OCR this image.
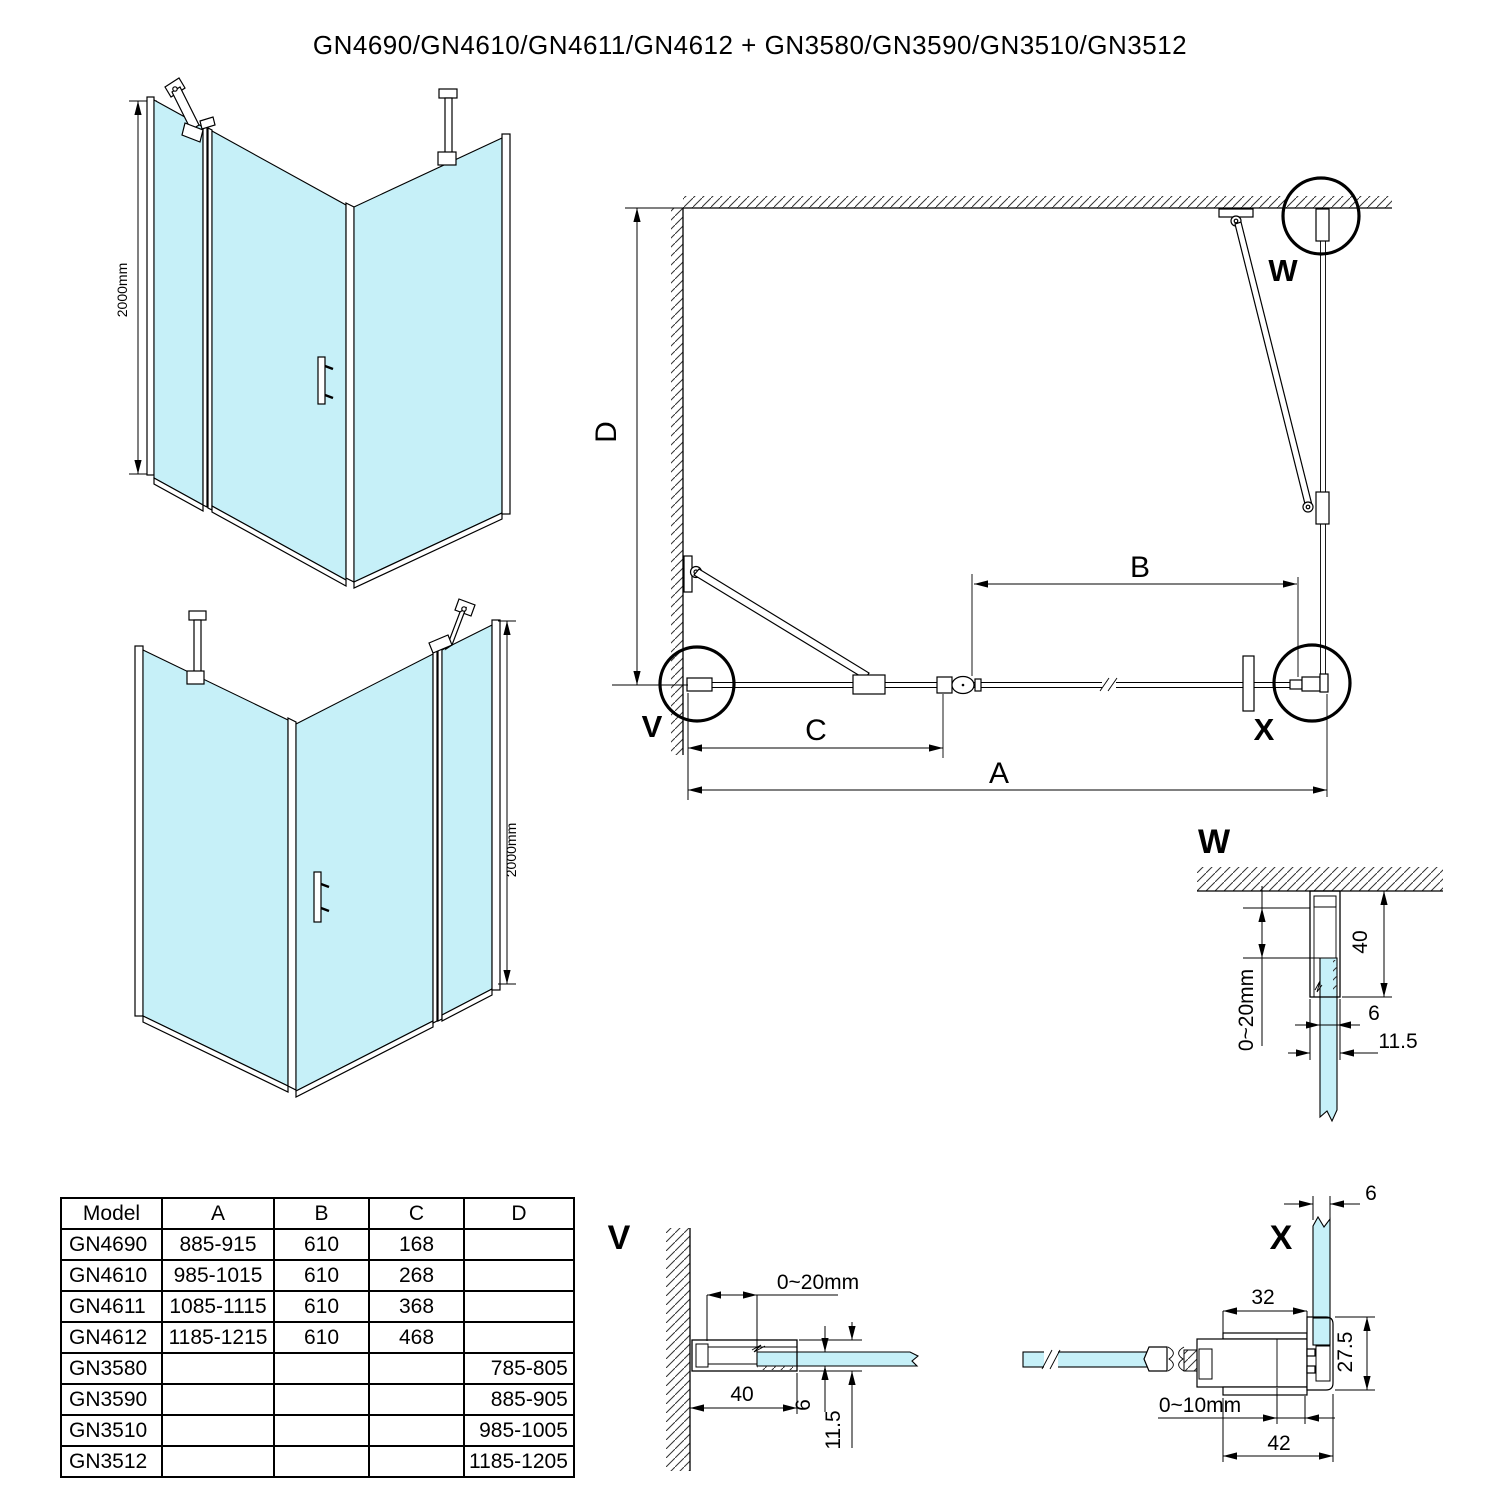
GN4690/GN4610/GN4611/GN4612 + GN3580/GN3590/GN3510/GN3512
2000mm
2000mm
V
W
X
D
B
C
A
W
40
0~20mm	6
11.5
V
0~20mm
40 6
11.5
X
6
32
27.5
0~10mm
42
Model	A	B	C	D
GN4690	885-915	610	168	
GN4610	985-1015	610	268	
GN4611	1085-1115	610	368	
GN4612	1185-1215	610	468	
GN3580				785-805
GN3590				885-905
GN3510				985-1005
GN3512				1185-1205
